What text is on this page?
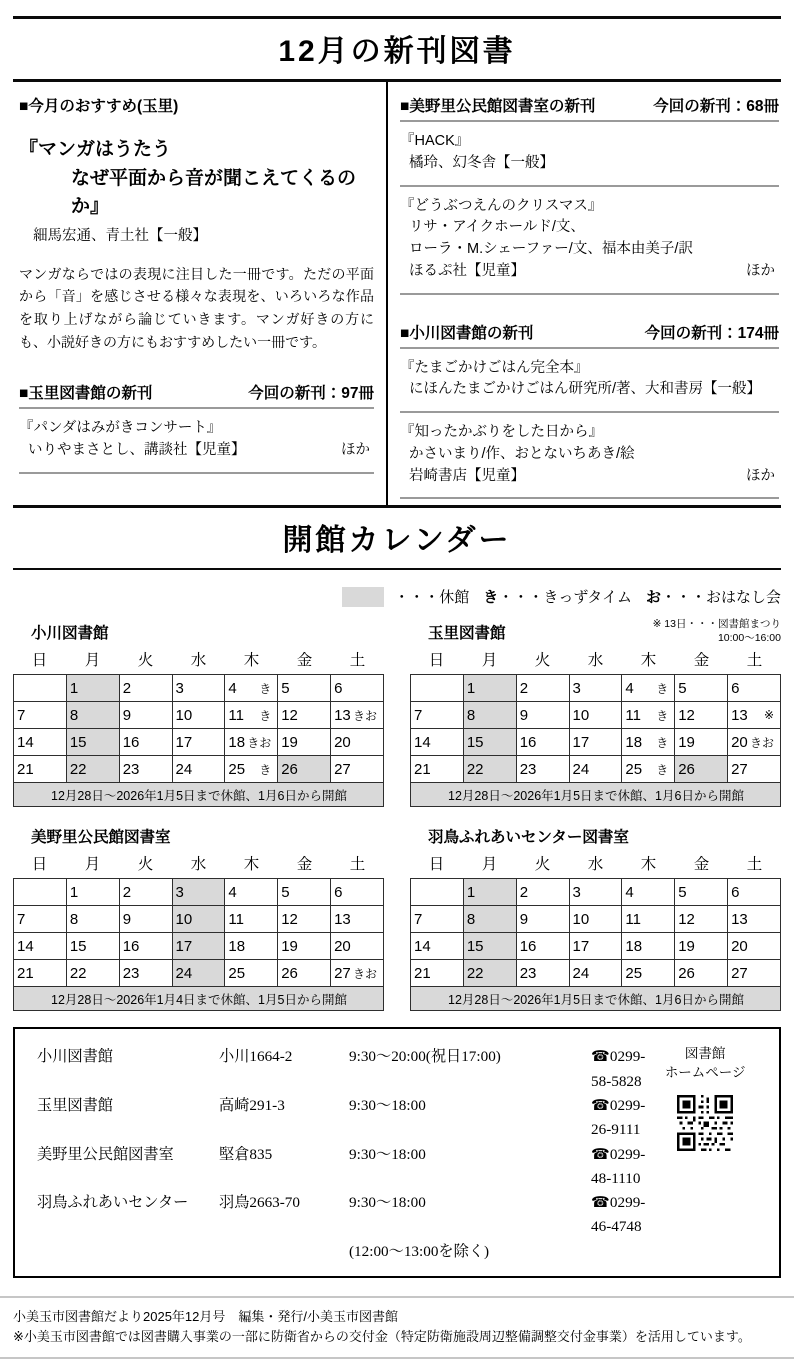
12月の新刊図書
■今月のおすすめ(玉里)
『マンガはうたう
なぜ平面から音が聞こえてくるのか』
細馬宏通、青土社【一般】

マンガならではの表現に注目した一冊です。ただの平面から「音」を感じさせる様々な表現を、いろいろな作品を取り上げながら論じていきます。マンガ好きの方にも、小説好きの方にもおすすめしたい一冊です。

■玉里図書館の新刊	今回の新刊：97冊
『パンダはみがきコンサート』
いりやまさとし、講談社【児童】	ほか
■美野里公民館図書室の新刊	今回の新刊：68冊
『HACK』
橘玲、幻冬舎【一般】
『どうぶつえんのクリスマス』
リサ・アイクホールド/文、
ローラ・M.シェーファー/文、福本由美子/訳
ほるぷ社【児童】	ほか
■小川図書館の新刊	今回の新刊：174冊
『たまごかけごはん完全本』
にほんたまごかけごはん研究所/著、大和書房【一般】
『知ったかぶりをした日から』
かさいまり/作、おとないちあき/絵
岩崎書店【児童】	ほか
開館カレンダー
・・・休館 き ・・・きっずタイム お ・・・おはなし会
小川図書館
日	月	火	水	木	金	土

	1	2	3	4 き	5	6

7	8	9	10	11 き	12	13 きお

14	15	16	17	18 きお	19	20

21	22	23	24	25 き	26	27

12月28日～2026年1月5日まで休館、1月6日から開館						
玉里図書館
※ 13日・・・図書館まつり
10:00～16:00
日	月	火	水	木	金	土

	1	2	3	4 き	5	6

7	8	9	10	11 き	12	13 ※

14	15	16	17	18 き	19	20 きお

21	22	23	24	25 き	26	27

12月28日～2026年1月5日まで休館、1月6日から開館						
美野里公民館図書室
日	月	火	水	木	金	土

	1	2	3	4	5	6

7	8	9	10	11	12	13

14	15	16	17	18	19	20

21	22	23	24	25	26	27 きお

12月28日～2026年1月4日まで休館、1月5日から開館						
羽鳥ふれあいセンター図書室
日	月	火	水	木	金	土

	1	2	3	4	5	6

7	8	9	10	11	12	13

14	15	16	17	18	19	20

21	22	23	24	25	26	27

12月28日～2026年1月5日まで休館、1月6日から開館						
小川図書館	小川1664-2	9:30～20:00(祝日17:00)	☎0299-58-5828
玉里図書館	高崎291-3	9:30～18:00	☎0299-26-9111
美野里公民館図書室	堅倉835	9:30～18:00	☎0299-48-1110
羽鳥ふれあいセンター	羽鳥2663-70	9:30～18:00	☎0299-46-4748
(12:00～13:00を除く)
図書館
ホームページ
小美玉市図書館だより2025年12月号　編集・発行/小美玉市図書館
※小美玉市図書館では図書購入事業の一部に防衛省からの交付金（特定防衛施設周辺整備調整交付金事業）を活用しています。
